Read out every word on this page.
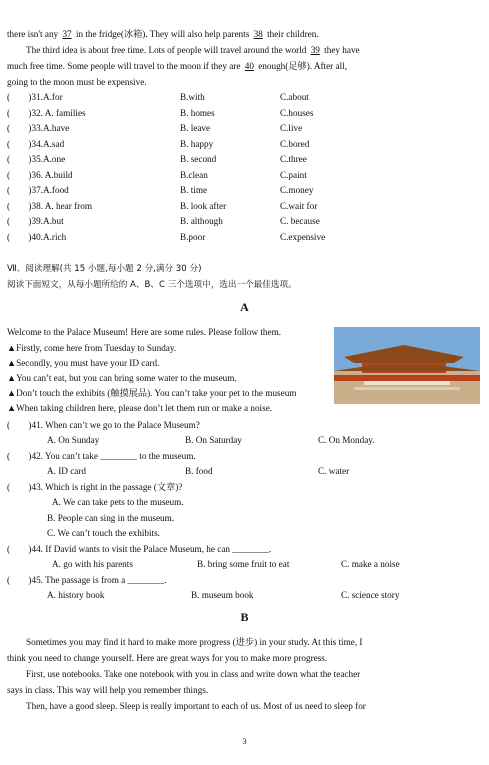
there isn't any 37 in the fridge(冰箱). They will also help parents 38 their children.
The third idea is about free time. Lots of people will travel around the world 39 they have
much free time. Some people will travel to the moon if they are 40 enough(足够). After all,
going to the moon must be expensive.
(　　)31.A.for	B.with	C.about
(　　)32. A. families	B. homes	C.houses
(　　)33.A.have	B. leave	C.live
(　　)34.A.sad	B. happy	C.bored
(　　)35.A.one	B. second	C.three
(　　)36. A.build	B.clean	C.paint
(　　)37.A.food	B. time	C.money
(　　)38. A. hear from	B. look after	C.wait for
(　　)39.A.but	B. although	C. because
(　　)40.A.rich	B.poor	C.expensive
Ⅶ、阅读理解(共 15 小题,每小题 2 分,满分 30 分)
阅读下面短文，从每小题所给的 A、B、C 三个选项中，选出一个最佳选项。
A
Welcome to the Palace Museum! Here are some rules. Please follow them.
▲Firstly, come here from Tuesday to Sunday.
▲Secondly, you must have your ID card.
▲You can’t eat, but you can bring some water to the museum.
▲Don’t touch the exhibits (触摸展品). You can’t take your pet to the museum
▲When taking children here, please don’t let them run or make a noise.
(　　)41. When can’t we go to the Palace Museum?
A. On Sunday	B. On Saturday	C. On Monday.
(　　)42. You can’t take ________ to the museum.
A. ID card	B. food	C. water
(　　)43. Which is right in the passage (文章)?
A. We can take pets to the museum.
B. People can sing in the museum.
C. We can’t touch the exhibits.
(　　)44. If David wants to visit the Palace Museum, he can ________.
A. go with his parents	B. bring some fruit to eat	C. make a noise
(　　)45. The passage is from a ________.
A. history book	B. museum book	C. science story
B
Sometimes you may find it hard to make more progress (进步) in your study. At this time, I
think you need to change yourself. Here are great ways for you to make more progress.
First, use notebooks. Take one notebook with you in class and write down what the teacher
says in class. This way will help you remember things.
Then, have a good sleep. Sleep is really important to each of us. Most of us need to sleep for
3
